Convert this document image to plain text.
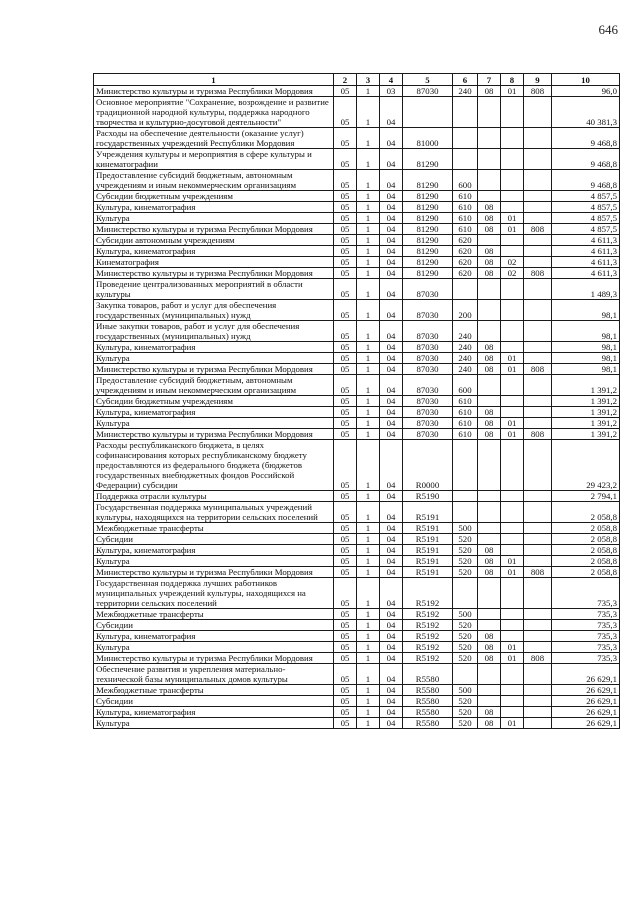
646
1	2	3	4	5	6	7	8	9	10
Министерство культуры и туризма Республики Мордовия	05	1	03	87030	240	08	01	808	96,0
Основное мероприятие "Сохранение, возрождение и развитие традиционной народной культуры, поддержка народного творчества и культурно-досуговой деятельности"	05	1	04						40 381,3
Расходы на обеспечение деятельности (оказание услуг) государственных учреждений Республики Мордовия	05	1	04	81000					9 468,8
Учреждения культуры и мероприятия в сфере культуры и кинематографии	05	1	04	81290					9 468,8
Предоставление субсидий бюджетным, автономным учреждениям и иным некоммерческим организациям	05	1	04	81290	600				9 468,8
Субсидии бюджетным учреждениям	05	1	04	81290	610				4 857,5
Культура, кинематография	05	1	04	81290	610	08			4 857,5
Культура	05	1	04	81290	610	08	01		4 857,5
Министерство культуры и туризма Республики Мордовия	05	1	04	81290	610	08	01	808	4 857,5
Субсидии автономным учреждениям	05	1	04	81290	620				4 611,3
Культура, кинематография	05	1	04	81290	620	08			4 611,3
Кинематография	05	1	04	81290	620	08	02		4 611,3
Министерство культуры и туризма Республики Мордовия	05	1	04	81290	620	08	02	808	4 611,3
Проведение централизованных мероприятий в области культуры	05	1	04	87030					1 489,3
Закупка товаров, работ и услуг для обеспечения государственных (муниципальных) нужд	05	1	04	87030	200				98,1
Иные закупки товаров, работ и услуг для обеспечения государственных (муниципальных) нужд	05	1	04	87030	240				98,1
Культура, кинематография	05	1	04	87030	240	08			98,1
Культура	05	1	04	87030	240	08	01		98,1
Министерство культуры и туризма Республики Мордовия	05	1	04	87030	240	08	01	808	98,1
Предоставление субсидий бюджетным, автономным учреждениям и иным некоммерческим организациям	05	1	04	87030	600				1 391,2
Субсидии бюджетным учреждениям	05	1	04	87030	610				1 391,2
Культура, кинематография	05	1	04	87030	610	08			1 391,2
Культура	05	1	04	87030	610	08	01		1 391,2
Министерство культуры и туризма Республики Мордовия	05	1	04	87030	610	08	01	808	1 391,2
Расходы республиканского бюджета, в целях софинансирования которых республиканскому бюджету предоставляются из федерального бюджета (бюджетов государственных внебюджетных фондов Российской Федерации) субсидии	05	1	04	R0000					29 423,2
Поддержка отрасли культуры	05	1	04	R5190					2 794,1
Государственная поддержка муниципальных учреждений культуры, находящихся на территории сельских поселений	05	1	04	R5191					2 058,8
Межбюджетные трансферты	05	1	04	R5191	500				2 058,8
Субсидии	05	1	04	R5191	520				2 058,8
Культура, кинематография	05	1	04	R5191	520	08			2 058,8
Культура	05	1	04	R5191	520	08	01		2 058,8
Министерство культуры и туризма Республики Мордовия	05	1	04	R5191	520	08	01	808	2 058,8
Государственная поддержка лучших работников муниципальных учреждений культуры, находящихся на территории сельских поселений	05	1	04	R5192					735,3
Межбюджетные трансферты	05	1	04	R5192	500				735,3
Субсидии	05	1	04	R5192	520				735,3
Культура, кинематография	05	1	04	R5192	520	08			735,3
Культура	05	1	04	R5192	520	08	01		735,3
Министерство культуры и туризма Республики Мордовия	05	1	04	R5192	520	08	01	808	735,3
Обеспечение развития и укрепления материально-технической базы муниципальных домов культуры	05	1	04	R5580					26 629,1
Межбюджетные трансферты	05	1	04	R5580	500				26 629,1
Субсидии	05	1	04	R5580	520				26 629,1
Культура, кинематография	05	1	04	R5580	520	08			26 629,1
Культура	05	1	04	R5580	520	08	01		26 629,1
